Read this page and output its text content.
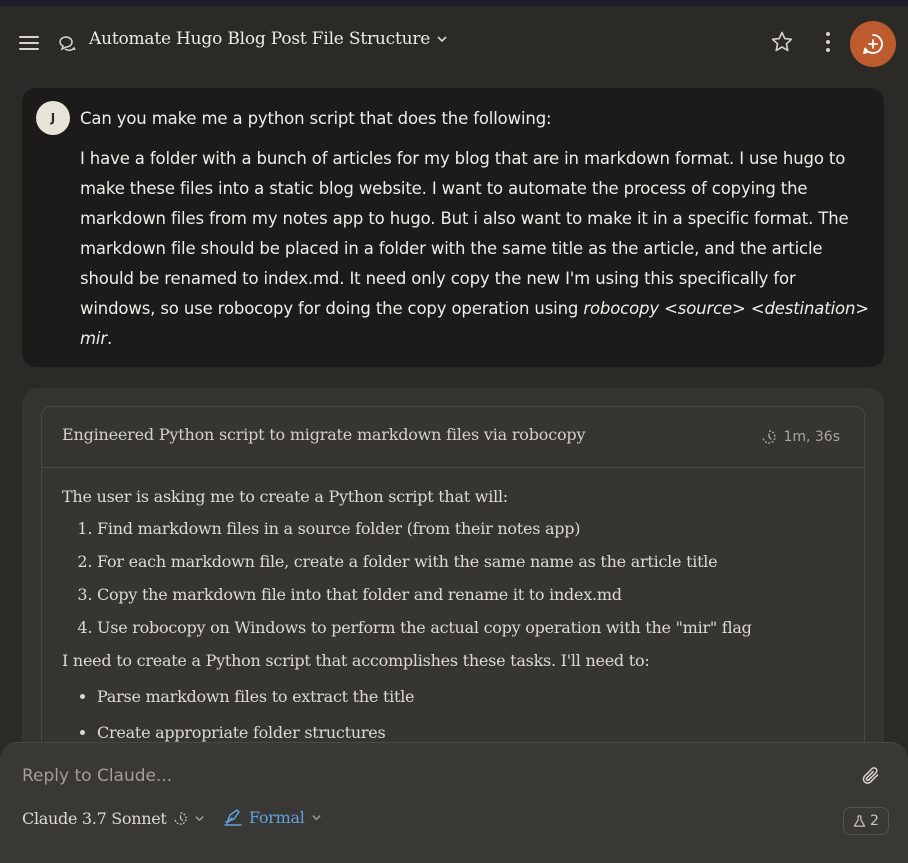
Automate Hugo Blog Post File Structure
J	Can you make me a python script that does the following:

I have a folder with a bunch of articles for my blog that are in markdown format. I use hugo to make these files into a static blog website. I want to automate the process of copying the markdown files from my notes app to hugo. But i also want to make it in a specific format. The markdown file should be placed in a folder with the same title as the article, and the article should be renamed to index.md. It need only copy the new I'm using this specifically for windows, so use robocopy for doing the copy operation using robocopy <source> <destination> mir.

Engineered Python script to migrate markdown files via robocopy	1m, 36s

The user is asking me to create a Python script that will:

1. Find markdown files in a source folder (from their notes app)
2. For each markdown file, create a folder with the same name as the article title
3. Copy the markdown file into that folder and rename it to index.md
4. Use robocopy on Windows to perform the actual copy operation with the "mir" flag

I need to create a Python script that accomplishes these tasks. I'll need to:

• Parse markdown files to extract the title
• Create appropriate folder structures
Reply to Claude...
Claude 3.7 Sonnet	Formal	2
